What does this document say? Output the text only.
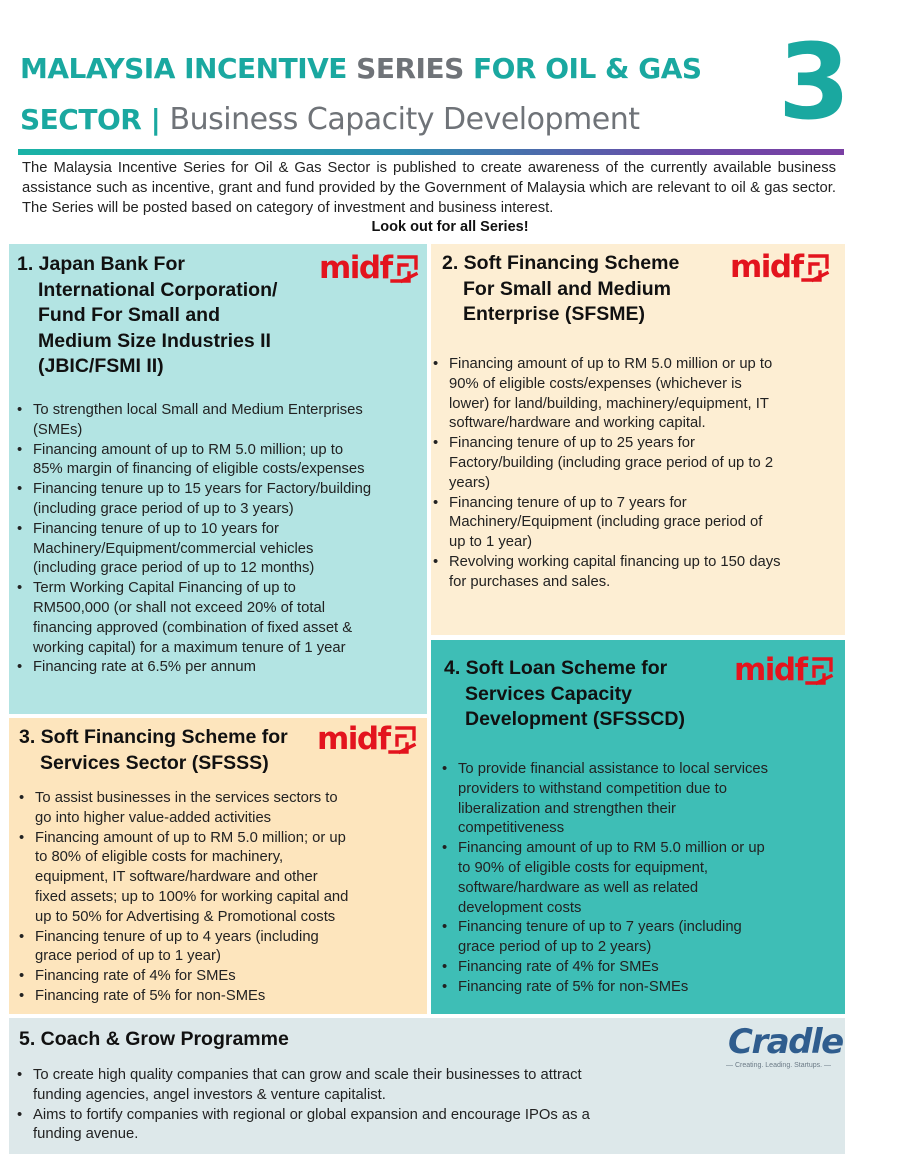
MALAYSIA INCENTIVE SERIES FOR OIL & GAS
SECTOR | Business Capacity Development 3

The Malaysia Incentive Series for Oil & Gas Sector is published to create awareness of the currently available business assistance such as incentive, grant and fund provided by the Government of Malaysia which are relevant to oil & gas sector. The Series will be posted based on category of investment and business interest.

Look out for all Series!
1. Japan Bank For
International Corporation/
Fund For Small and
Medium Size Industries II
(JBIC/FSMI II)
midf
• To strengthen local Small and Medium Enterprises
(SMEs)
• Financing amount of up to RM 5.0 million; up to
85% margin of financing of eligible costs/expenses
• Financing tenure up to 15 years for Factory/building
(including grace period of up to 3 years)
• Financing tenure of up to 10 years for
Machinery/Equipment/commercial vehicles
(including grace period of up to 12 months)
• Term Working Capital Financing of up to
RM500,000 (or shall not exceed 20% of total
financing approved (combination of fixed asset &
working capital) for a maximum tenure of 1 year
• Financing rate at 6.5% per annum
2. Soft Financing Scheme
For Small and Medium
Enterprise (SFSME)
midf
• Financing amount of up to RM 5.0 million or up to
90% of eligible costs/expenses (whichever is
lower) for land/building, machinery/equipment, IT
software/hardware and working capital.
• Financing tenure of up to 25 years for
Factory/building (including grace period of up to 2
years)
• Financing tenure of up to 7 years for
Machinery/Equipment (including grace period of
up to 1 year)
• Revolving working capital financing up to 150 days
for purchases and sales.
3. Soft Financing Scheme for
Services Sector (SFSSS)
midf
• To assist businesses in the services sectors to
go into higher value-added activities
• Financing amount of up to RM 5.0 million; or up
to 80% of eligible costs for machinery,
equipment, IT software/hardware and other
fixed assets; up to 100% for working capital and
up to 50% for Advertising & Promotional costs
• Financing tenure of up to 4 years (including
grace period of up to 1 year)
• Financing rate of 4% for SMEs
• Financing rate of 5% for non-SMEs
4. Soft Loan Scheme for
Services Capacity
Development (SFSSCD)
midf
• To provide financial assistance to local services
providers to withstand competition due to
liberalization and strengthen their
competitiveness
• Financing amount of up to RM 5.0 million or up
to 90% of eligible costs for equipment,
software/hardware as well as related
development costs
• Financing tenure of up to 7 years (including
grace period of up to 2 years)
• Financing rate of 4% for SMEs
• Financing rate of 5% for non-SMEs
5. Coach & Grow Programme
• To create high quality companies that can grow and scale their businesses to attract
funding agencies, angel investors & venture capitalist.
• Aims to fortify companies with regional or global expansion and encourage IPOs as a
funding avenue.
Cradle
— Creating. Leading. Startups. —
